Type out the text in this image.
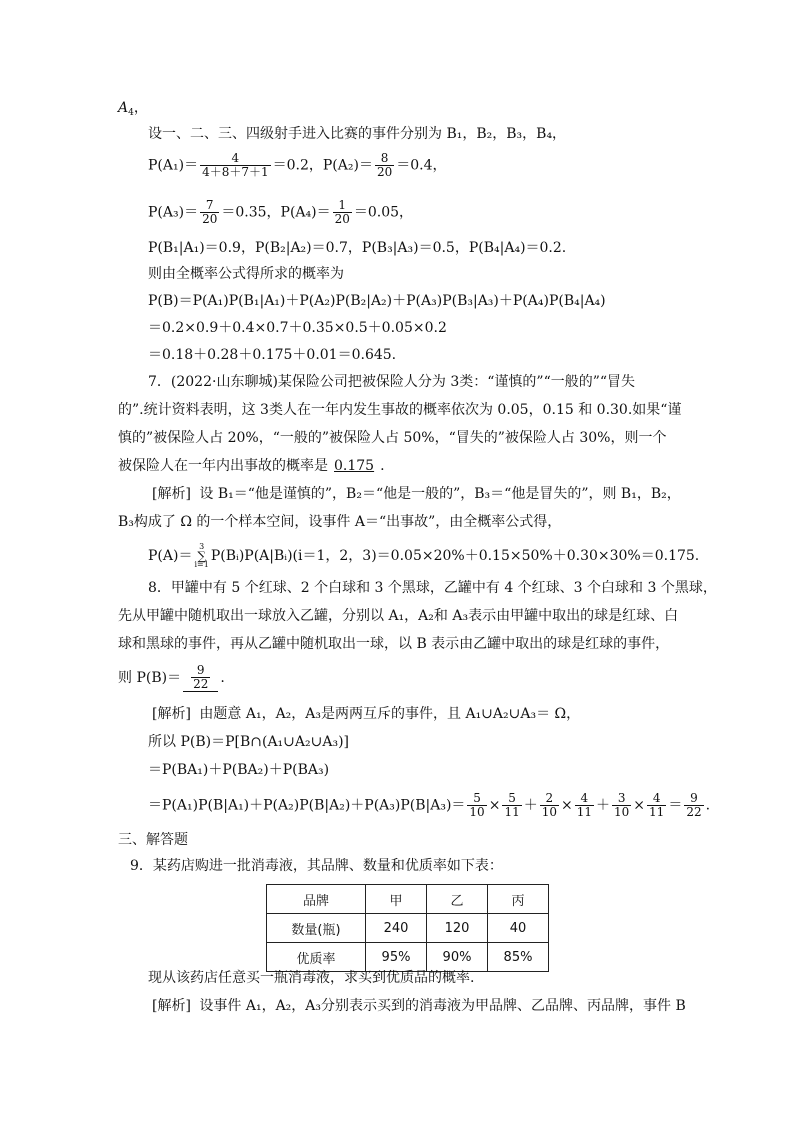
$A_4$，
设一、二、三、四级射手进入比赛的事件分别为 B₁，B₂，B₃，B₄，
$P(A_1)= \frac{4}{4+8+7+1} =0.2$，$P(A_2)= \frac{8}{20} =0.4$，
$P(A_3)= \frac{7}{20} =0.35$，$P(A_4)= \frac{1}{20} =0.05$，
P(B₁|A₁)＝0.9，P(B₂|A₂)＝0.7，P(B₃|A₃)＝0.5，P(B₄|A₄)＝0.2.
则由全概率公式得所求的概率为
P(B)＝P(A₁)P(B₁|A₁)＋P(A₂)P(B₂|A₂)＋P(A₃)P(B₃|A₃)＋P(A₄)P(B₄|A₄)
＝0.2×0.9＋0.4×0.7＋0.35×0.5＋0.05×0.2
＝0.18＋0.28＋0.175＋0.01＝0.645.
7．(2022·山东聊城)某保险公司把被保险人分为 3类：“谨慎的”“一般的”“冒失
的”.统计资料表明，这 3类人在一年内发生事故的概率依次为 0.05，0.15 和 0.30.如果“谨
慎的”被保险人占 20%，“一般的”被保险人占 50%，“冒失的”被保险人占 30%，则一个
被保险人在一年内出事故的概率是 0.175 .
[解析] 设 B₁＝“他是谨慎的”，B₂＝“他是一般的”，B₃＝“他是冒失的”，则 B₁，B₂，
B₃构成了 Ω 的一个样本空间，设事件 A＝“出事故”，由全概率公式得，
P(A)＝
3
∑
i=1
P(Bᵢ)P(A|Bᵢ)(i＝1，2，3)＝0.05×20%＋0.15×50%＋0.30×30%＝0.175.
8．甲罐中有 5 个红球、2 个白球和 3 个黑球，乙罐中有 4 个红球、3 个白球和 3 个黑球，
先从甲罐中随机取出一球放入乙罐，分别以 A₁，A₂和 A₃表示由甲罐中取出的球是红球、白
球和黑球的事件，再从乙罐中随机取出一球，以 B 表示由乙罐中取出的球是红球的事件，
则 $P(B)= \frac{9}{22}$ .
[解析] 由题意 A₁，A₂，A₃是两两互斥的事件，且 A₁∪A₂∪A₃＝ Ω，
所以 P(B)＝P[B∩(A₁∪A₂∪A₃)]
＝P(BA₁)＋P(BA₂)＋P(BA₃)
$=P(A_1)P(B|A_1)+P(A_2)P(B|A_2)+P(A_3)P(B|A_3)= \frac{5}{10} \times \frac{5}{11} + \frac{2}{10} \times \frac{4}{11} + \frac{3}{10} \times \frac{4}{11} = \frac{9}{22}$ .
三、解答题
9．某药店购进一批消毒液，其品牌、数量和优质率如下表：
品牌	甲	乙	丙
数量(瓶)	240	120	40
优质率	95%	90%	85%
现从该药店任意买一瓶消毒液，求买到优质品的概率.
[解析] 设事件 A₁，A₂，A₃分别表示买到的消毒液为甲品牌、乙品牌、丙品牌，事件 B
